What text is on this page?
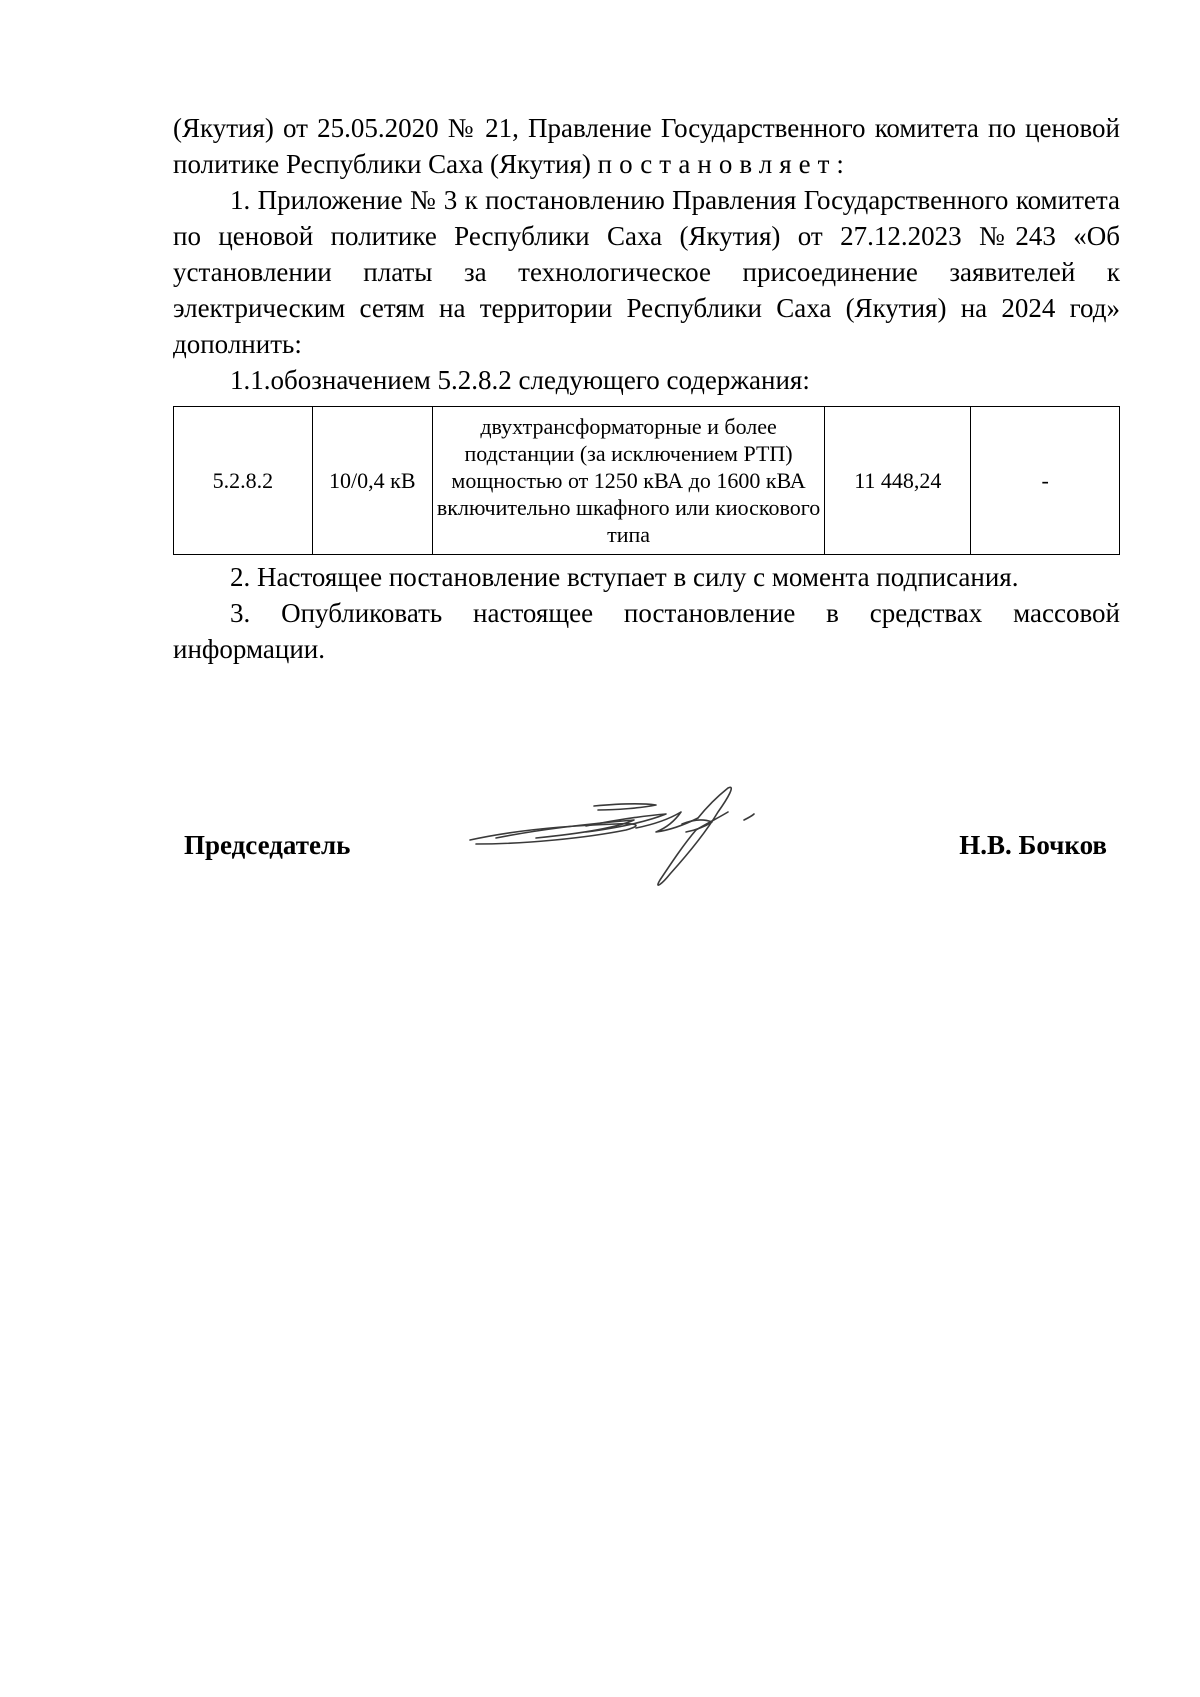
(Якутия) от 25.05.2020 № 21, Правление Государственного комитета по ценовой политике Республики Саха (Якутия) постановляет:

1. Приложение № 3 к постановлению Правления Государственного комитета по ценовой политике Республики Саха (Якутия) от 27.12.2023 №243 «Об установлении платы за технологическое присоединение заявителей к электрическим сетям на территории Республики Саха (Якутия) на 2024 год» дополнить:

1.1.обозначением 5.2.8.2 следующего содержания:

5.2.8.2	10/0,4 кВ	двухтрансформаторные и более подстанции (за исключением РТП) мощностью от 1250 кВА до 1600 кВА включительно шкафного или киоскового типа	11 448,24	-

2. Настоящее постановление вступает в силу с момента подписания.

3. Опубликовать настоящее постановление в средствах массовой информации.

Председатель	Н.В. Бочков
